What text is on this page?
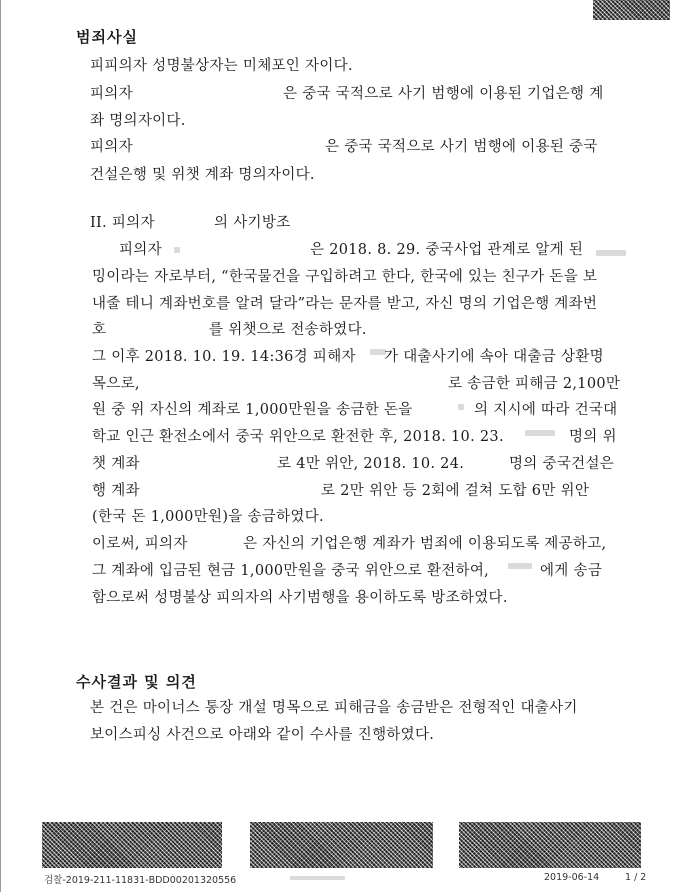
범죄사실
피피의자 성명불상자는 미체포인 자이다.
피의자	은 중국 국적으로 사기 범행에 이용된 기업은행 계
좌 명의자이다.
피의자	은 중국 국적으로 사기 범행에 이용된 중국
건설은행 및 위챗 계좌 명의자이다.
II. 피의자	의 사기방조
피의자	은 2018. 8. 29. 중국사업 관계로 알게 된
밍이라는 자로부터, “한국물건을 구입하려고 한다, 한국에 있는 친구가 돈을 보
내줄 테니 계좌번호를 알려 달라”라는 문자를 받고, 자신 명의 기업은행 계좌번
호	를 위챗으로 전송하였다.
그 이후 2018. 10. 19. 14:36경 피해자 가 대출사기에 속아 대출금 상환명
목으로,	로 송금한 피해금 2,100만
원 중 위 자신의 계좌로 1,000만원을 송금한 돈을	의 지시에 따라 건국대
학교 인근 환전소에서 중국 위안으로 환전한 후, 2018. 10. 23.	명의 위
챗 계좌	로 4만 위안, 2018. 10. 24.	명의 중국건설은
행 계좌	로 2만 위안 등 2회에 걸쳐 도합 6만 위안
(한국 돈 1,000만원)을 송금하였다.
이로써, 피의자	은 자신의 기업은행 계좌가 범죄에 이용되도록 제공하고,
그 계좌에 입금된 현금 1,000만원을 중국 위안으로 환전하여,	에게 송금
함으로써 성명불상 피의자의 사기범행을 용이하도록 방조하였다.
수사결과 및 의견
본 건은 마이너스 통장 개설 명목으로 피해금을 송금받은 전형적인 대출사기
보이스피싱 사건으로 아래와 같이 수사를 진행하였다.
검찰-2019-211-11831-BDD00201320556	2019-06-14	1 / 2
